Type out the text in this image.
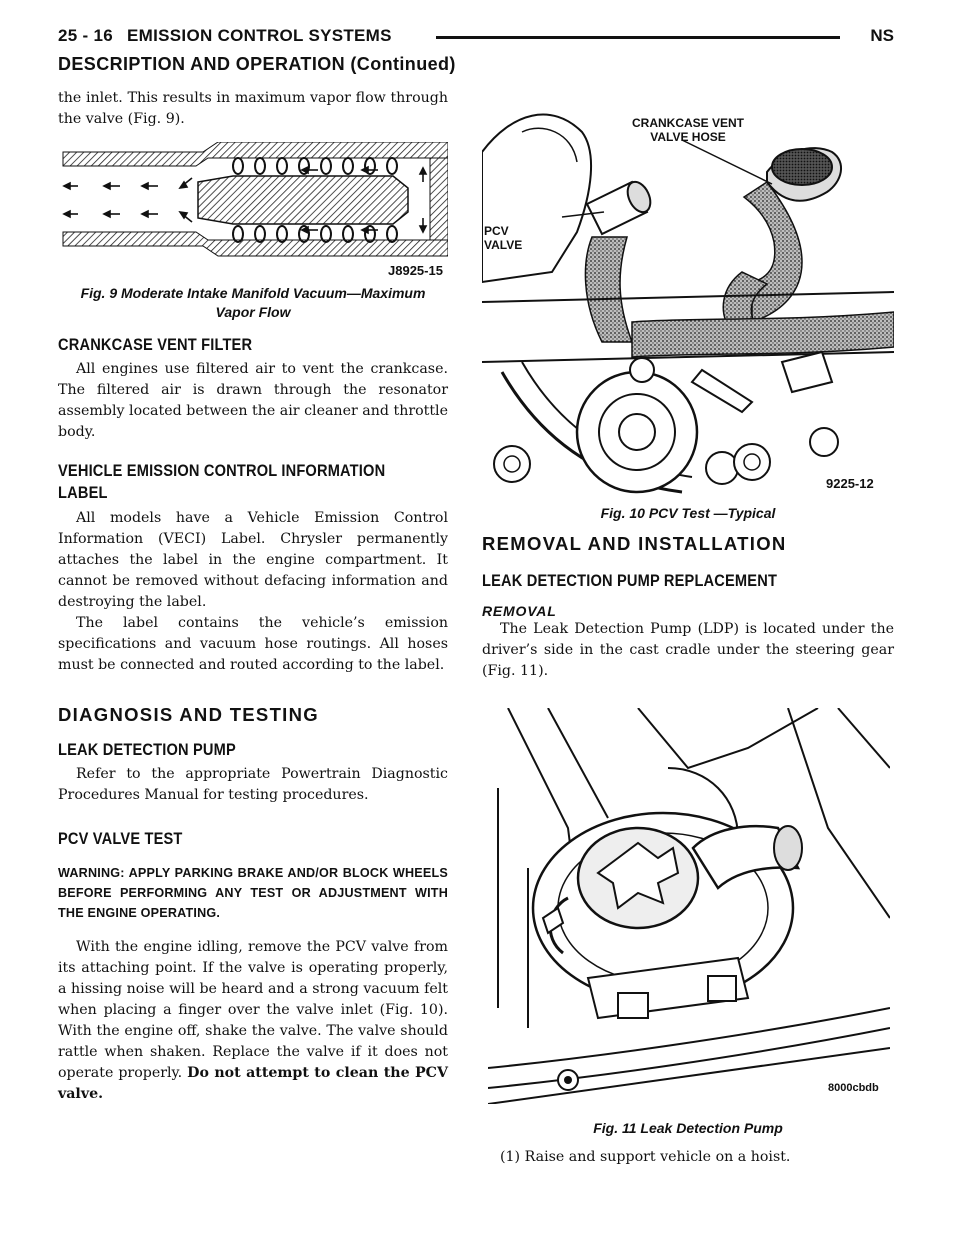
25 - 16 EMISSION CONTROL SYSTEMS	NS
DESCRIPTION AND OPERATION (Continued)

the inlet. This results in maximum vapor flow through the valve (Fig. 9).

J8925-15
Fig. 9 Moderate Intake Manifold Vacuum—Maximum
Vapor Flow
CRANKCASE VENT FILTER

All engines use filtered air to vent the crankcase. The filtered air is drawn through the resonator assembly located between the air cleaner and throttle body.

VEHICLE EMISSION CONTROL INFORMATION
LABEL

All models have a Vehicle Emission Control Information (VECI) Label. Chrysler permanently attaches the label in the engine compartment. It cannot be removed without defacing information and destroying the label.

The label contains the vehicle’s emission specifications and vacuum hose routings. All hoses must be connected and routed according to the label.

DIAGNOSIS AND TESTING
LEAK DETECTION PUMP

Refer to the appropriate Powertrain Diagnostic Procedures Manual for testing procedures.

PCV VALVE TEST

WARNING: APPLY PARKING BRAKE AND/OR BLOCK WHEELS BEFORE PERFORMING ANY TEST OR ADJUSTMENT WITH THE ENGINE OPERATING.

With the engine idling, remove the PCV valve from its attaching point. If the valve is operating properly, a hissing noise will be heard and a strong vacuum felt when placing a finger over the valve inlet (Fig. 10). With the engine off, shake the valve. The valve should rattle when shaken. Replace the valve if it does not operate properly. Do not attempt to clean the PCV valve.

CRANKCASE VENT
VALVE HOSE
PCV
VALVE
9225-12
Fig. 10 PCV Test —Typical
REMOVAL AND INSTALLATION
LEAK DETECTION PUMP REPLACEMENT
REMOVAL

The Leak Detection Pump (LDP) is located under the driver’s side in the cast cradle under the steering gear (Fig. 11).

8000cbdb
Fig. 11 Leak Detection Pump

(1) Raise and support vehicle on a hoist.
